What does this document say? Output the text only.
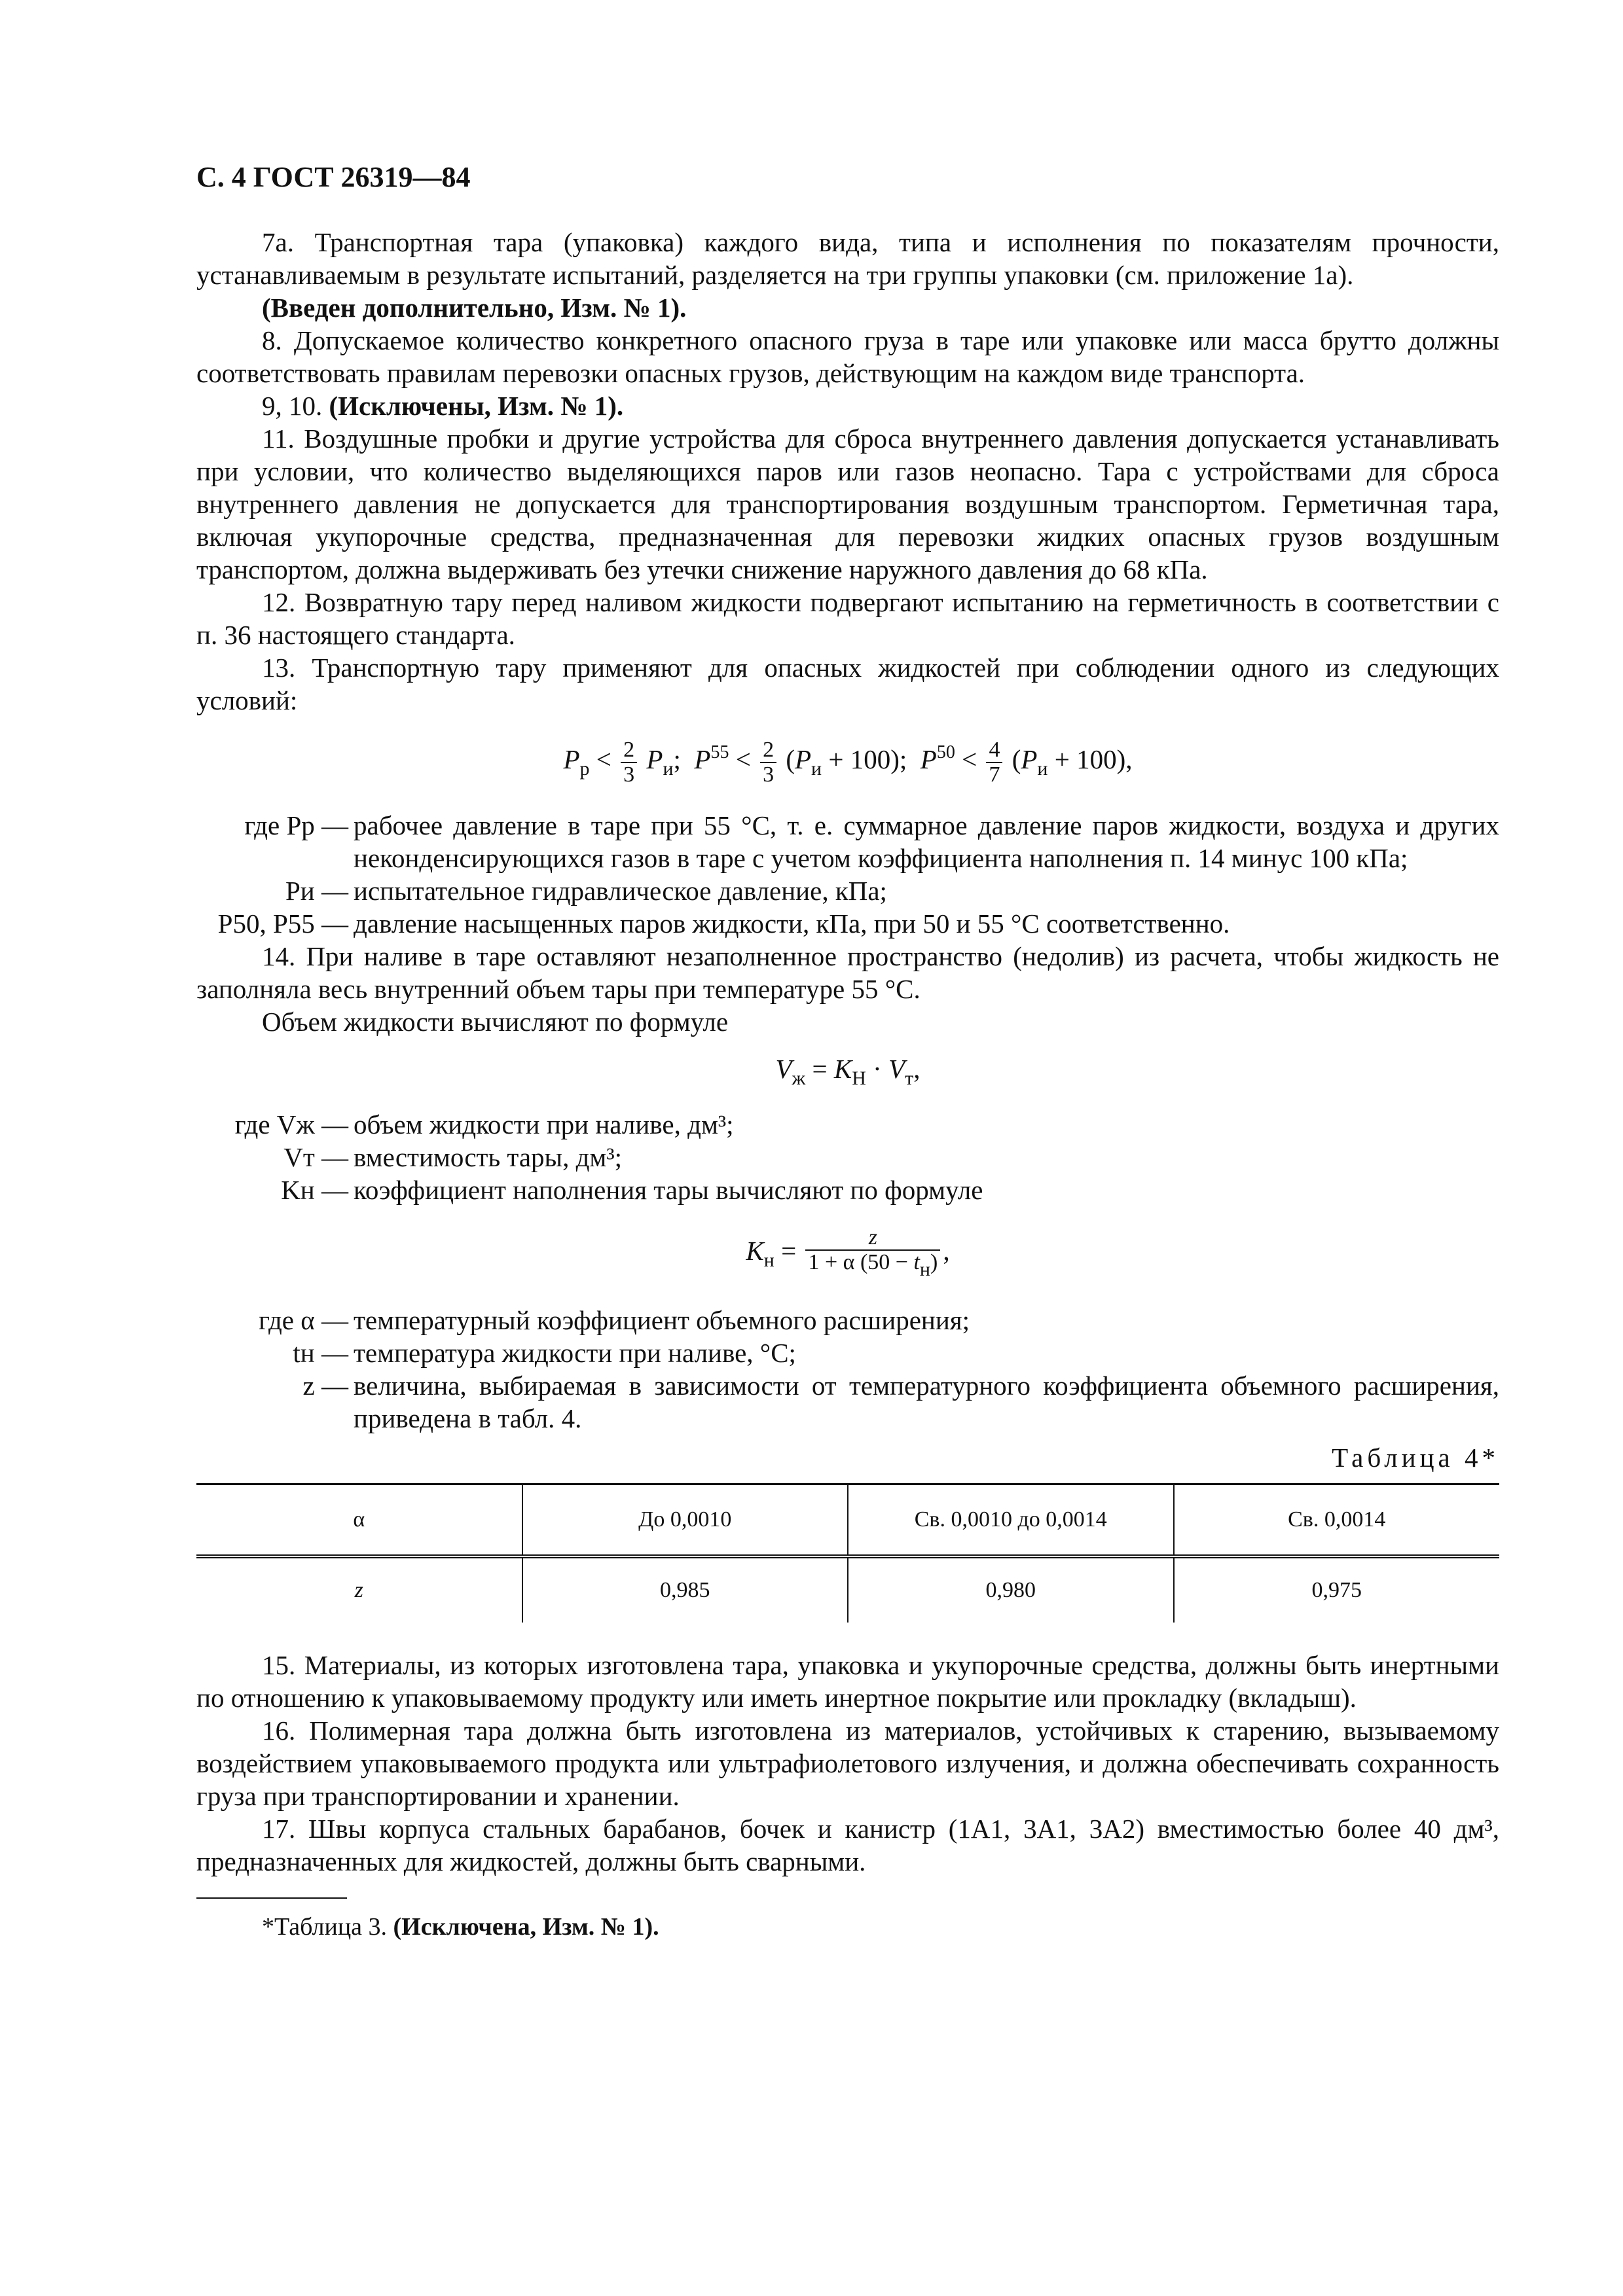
С. 4 ГОСТ 26319—84

7а. Транспортная тара (упаковка) каждого вида, типа и исполнения по показателям прочности, устанавливаемым в результате испытаний, разделяется на три группы упаковки (см. приложение 1а).

(Введен дополнительно, Изм. № 1).

8. Допускаемое количество конкретного опасного груза в таре или упаковке или масса брутто должны соответствовать правилам перевозки опасных грузов, действующим на каждом виде транспорта.

9, 10. (Исключены, Изм. № 1).

11. Воздушные пробки и другие устройства для сброса внутреннего давления допускается устанавливать при условии, что количество выделяющихся паров или газов неопасно. Тара с устройствами для сброса внутреннего давления не допускается для транспортирования воздушным транспортом. Герметичная тара, включая укупорочные средства, предназначенная для перевозки жидких опасных грузов воздушным транспортом, должна выдерживать без утечки снижение наружного давления до 68 кПа.

12. Возвратную тару перед наливом жидкости подвергают испытанию на герметичность в соответствии с п. 36 настоящего стандарта.

13. Транспортную тару применяют для опасных жидкостей при соблюдении одного из следующих условий:

$P_р < \frac{2}{3} P_и$;  $P^{55} < \frac{2}{3} (P_и + 100)$;  $P^{50} < \frac{4}{7} (P_и + 100)$,
где Pр — рабочее давление в таре при 55 °С, т. е. суммарное давление паров жидкости, воздуха и других неконденсирующихся газов в таре с учетом коэффициента наполнения п. 14 минус 100 кПа;
Pи — испытательное гидравлическое давление, кПа;
P50, P55 — давление насыщенных паров жидкости, кПа, при 50 и 55 °С соответственно.

14. При наливе в таре оставляют незаполненное пространство (недолив) из расчета, чтобы жидкость не заполняла весь внутренний объем тары при температуре 55 °С.

Объем жидкости вычисляют по формуле

$V_ж = K_Н \cdot V_т$,
где Vж — объем жидкости при наливе, дм³;
Vт — вместимость тары, дм³;
Kн — коэффициент наполнения тары вычисляют по формуле
$K_н = \frac{z}{1 + \alpha (50 - tн)}$ ,
где α — температурный коэффициент объемного расширения;
tн — температура жидкости при наливе, °С;
z — величина, выбираемая в зависимости от температурного коэффициента объемного расширения, приведена в табл. 4.
Таблица 4*
α	До 0,0010	Св. 0,0010 до 0,0014	Св. 0,0014
z	0,985	0,980	0,975

15. Материалы, из которых изготовлена тара, упаковка и укупорочные средства, должны быть инертными по отношению к упаковываемому продукту или иметь инертное покрытие или прокладку (вкладыш).

16. Полимерная тара должна быть изготовлена из материалов, устойчивых к старению, вызываемому воздействием упаковываемого продукта или ультрафиолетового излучения, и должна обеспечивать сохранность груза при транспортировании и хранении.

17. Швы корпуса стальных барабанов, бочек и канистр (1А1, 3А1, 3А2) вместимостью более 40 дм³, предназначенных для жидкостей, должны быть сварными.

*Таблица 3. (Исключена, Изм. № 1).
